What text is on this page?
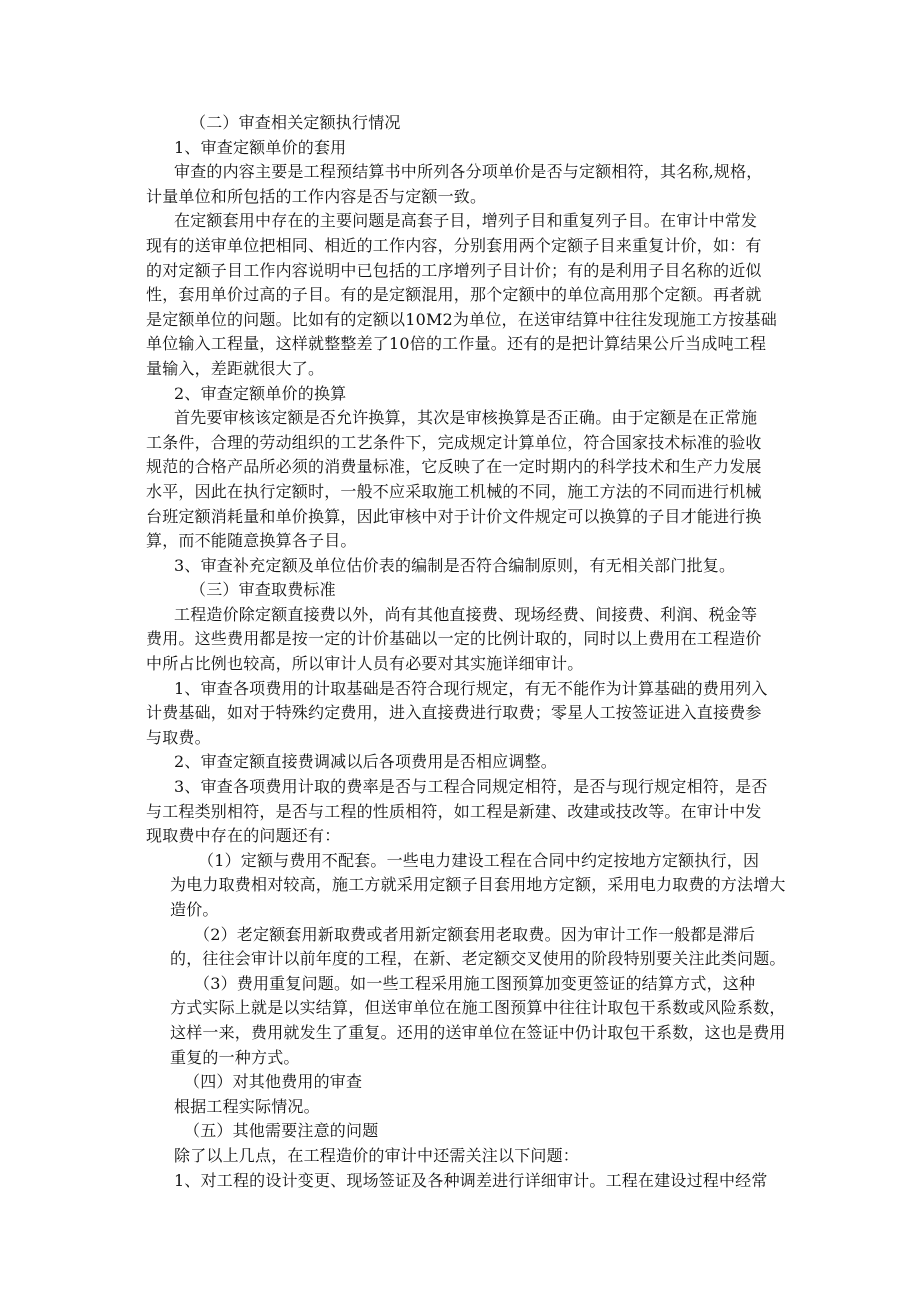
（二）审查相关定额执行情况
1、审查定额单价的套用
审查的内容主要是工程预结算书中所列各分项单价是否与定额相符，其名称,规格，
计量单位和所包括的工作内容是否与定额一致。
在定额套用中存在的主要问题是高套子目，增列子目和重复列子目。在审计中常发
现有的送审单位把相同、相近的工作内容，分别套用两个定额子目来重复计价，如：有
的对定额子目工作内容说明中已包括的工序增列子目计价；有的是利用子目名称的近似
性，套用单价过高的子目。有的是定额混用，那个定额中的单位高用那个定额。再者就
是定额单位的问题。比如有的定额以10M2为单位，在送审结算中往往发现施工方按基础
单位输入工程量，这样就整整差了10倍的工作量。还有的是把计算结果公斤当成吨工程
量输入，差距就很大了。
2、审查定额单价的换算
首先要审核该定额是否允许换算，其次是审核换算是否正确。由于定额是在正常施
工条件，合理的劳动组织的工艺条件下，完成规定计算单位，符合国家技术标准的验收
规范的合格产品所必须的消费量标准，它反映了在一定时期内的科学技术和生产力发展
水平，因此在执行定额时，一般不应采取施工机械的不同，施工方法的不同而进行机械
台班定额消耗量和单价换算，因此审核中对于计价文件规定可以换算的子目才能进行换
算，而不能随意换算各子目。
3、审查补充定额及单位估价表的编制是否符合编制原则，有无相关部门批复。
（三）审查取费标准
工程造价除定额直接费以外，尚有其他直接费、现场经费、间接费、利润、税金等
费用。这些费用都是按一定的计价基础以一定的比例计取的，同时以上费用在工程造价
中所占比例也较高，所以审计人员有必要对其实施详细审计。
1、审查各项费用的计取基础是否符合现行规定，有无不能作为计算基础的费用列入
计费基础，如对于特殊约定费用，进入直接费进行取费；零星人工按签证进入直接费参
与取费。
2、审查定额直接费调减以后各项费用是否相应调整。
3、审查各项费用计取的费率是否与工程合同规定相符，是否与现行规定相符，是否
与工程类别相符，是否与工程的性质相符，如工程是新建、改建或技改等。在审计中发
现取费中存在的问题还有：
（1）定额与费用不配套。一些电力建设工程在合同中约定按地方定额执行，因
为电力取费相对较高，施工方就采用定额子目套用地方定额，采用电力取费的方法增大
造价。
（2）老定额套用新取费或者用新定额套用老取费。因为审计工作一般都是滞后
的，往往会审计以前年度的工程，在新、老定额交叉使用的阶段特别要关注此类问题。
（3）费用重复问题。如一些工程采用施工图预算加变更签证的结算方式，这种
方式实际上就是以实结算，但送审单位在施工图预算中往往计取包干系数或风险系数，
这样一来，费用就发生了重复。还用的送审单位在签证中仍计取包干系数，这也是费用
重复的一种方式。
（四）对其他费用的审查
根据工程实际情况。
（五）其他需要注意的问题
除了以上几点，在工程造价的审计中还需关注以下问题：
1、对工程的设计变更、现场签证及各种调差进行详细审计。工程在建设过程中经常
